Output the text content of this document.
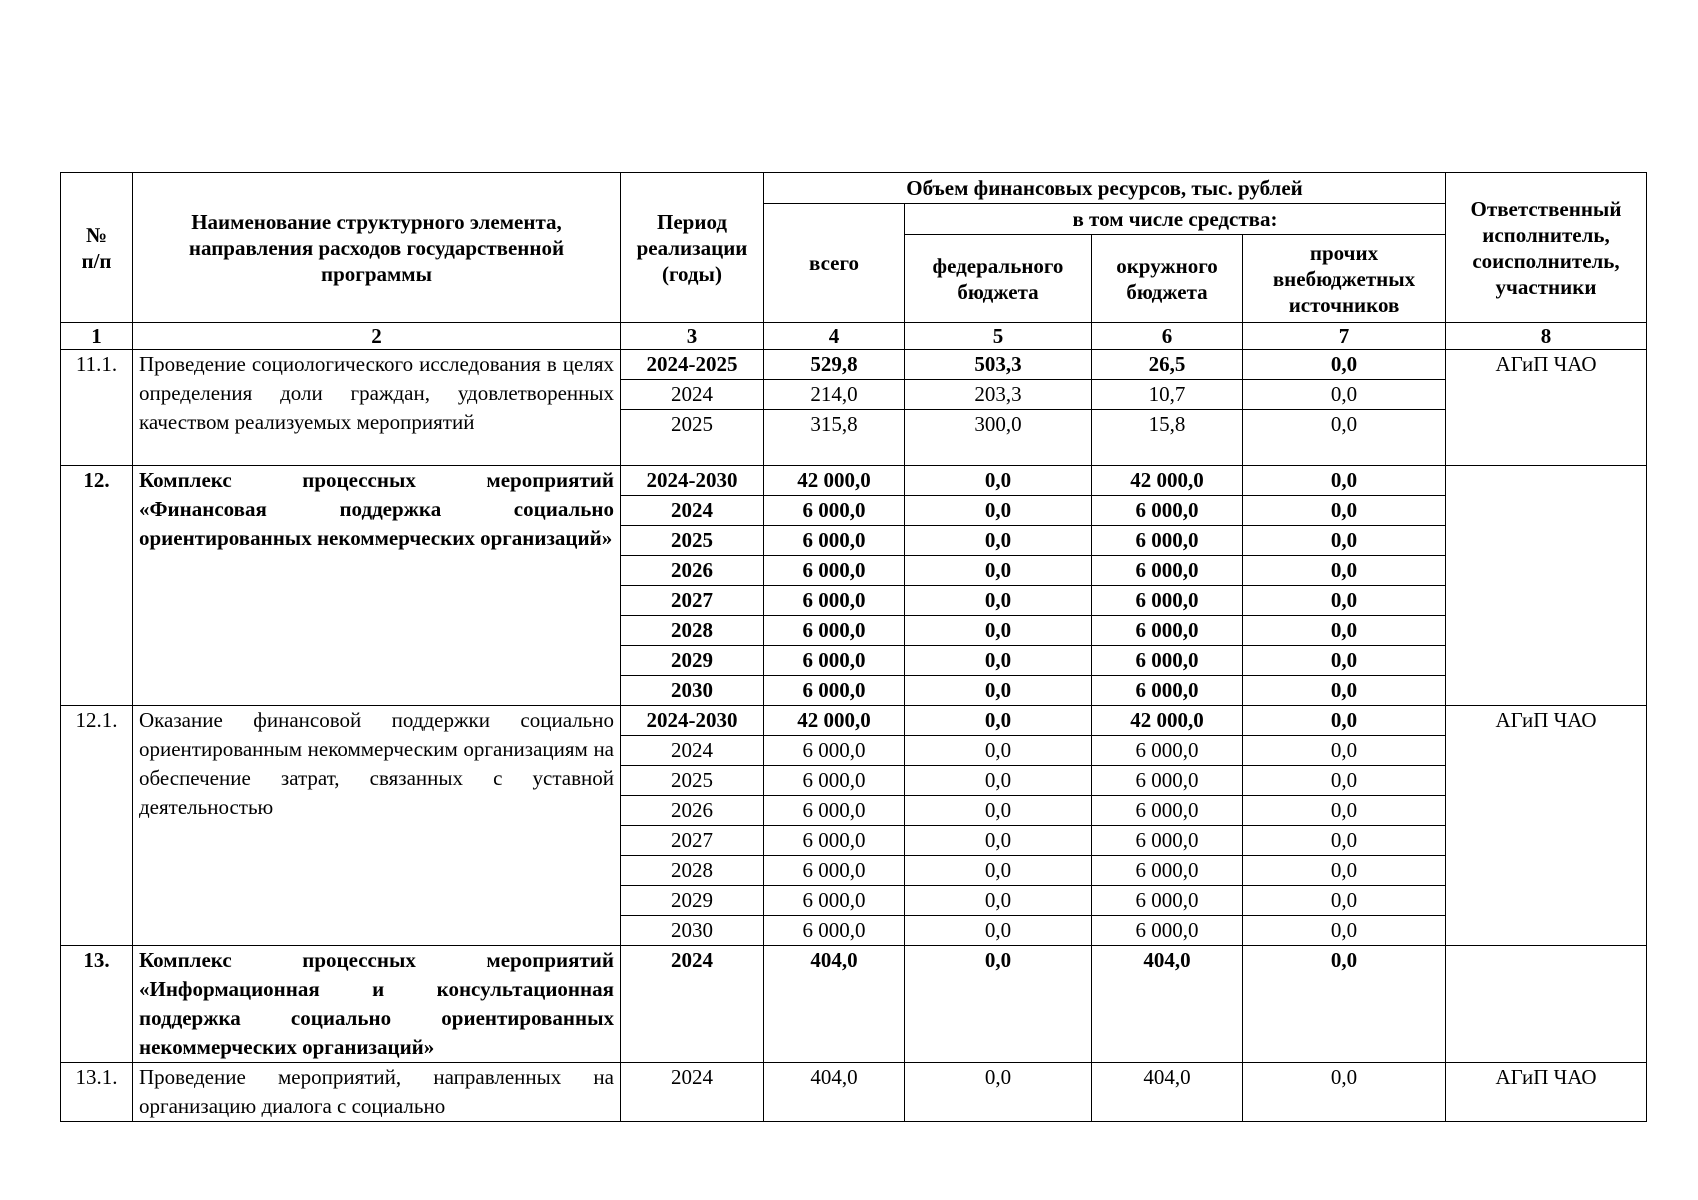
№
п/п	Наименование структурного элемента, направления расходов государственной программы	Период реализации (годы)	Объем финансовых ресурсов, тыс. рублей				Ответственный исполнитель, соисполнитель, участники
			всего	в том числе средства:			
				федерального бюджета	окружного бюджета	прочих внебюджетных источников	
1	2	3	4	5	6	7	8
11.1.	Проведение социологического исследования в целях определения доли граждан, удовлетворенных качеством реализуемых мероприятий	2024-2025	529,8	503,3	26,5	0,0	АГиП ЧАО
		2024	214,0	203,3	10,7	0,0	
		2025	315,8	300,0	15,8	0,0	
12.	Комплекс процессных мероприятий «Финансовая поддержка социально ориентированных некоммерческих организаций»	2024-2030	42 000,0	0,0	42 000,0	0,0	
		2024	6 000,0	0,0	6 000,0	0,0	
		2025	6 000,0	0,0	6 000,0	0,0	
		2026	6 000,0	0,0	6 000,0	0,0	
		2027	6 000,0	0,0	6 000,0	0,0	
		2028	6 000,0	0,0	6 000,0	0,0	
		2029	6 000,0	0,0	6 000,0	0,0	
		2030	6 000,0	0,0	6 000,0	0,0	
12.1.	Оказание финансовой поддержки социально ориентированным некоммерческим организациям на обеспечение затрат, связанных с уставной деятельностью	2024-2030	42 000,0	0,0	42 000,0	0,0	АГиП ЧАО
		2024	6 000,0	0,0	6 000,0	0,0	
		2025	6 000,0	0,0	6 000,0	0,0	
		2026	6 000,0	0,0	6 000,0	0,0	
		2027	6 000,0	0,0	6 000,0	0,0	
		2028	6 000,0	0,0	6 000,0	0,0	
		2029	6 000,0	0,0	6 000,0	0,0	
		2030	6 000,0	0,0	6 000,0	0,0	
13.	Комплекс процессных мероприятий «Информационная и консультационная поддержка социально ориентированных некоммерческих организаций»	2024	404,0	0,0	404,0	0,0	
13.1.	Проведение мероприятий, направленных на организацию диалога с социально	2024	404,0	0,0	404,0	0,0	АГиП ЧАО
